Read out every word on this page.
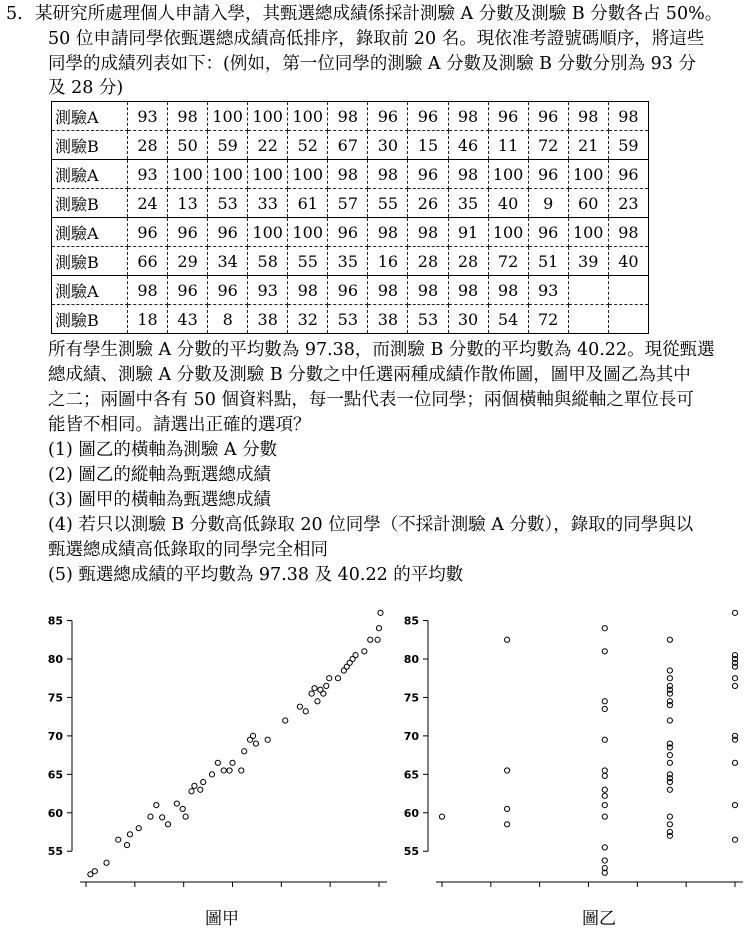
5. 某研究所處理個人申請入學，其甄選總成績係採計測驗 A 分數及測驗 B 分數各占 50%。
50 位申請同學依甄選總成績高低排序，錄取前 20 名。現依准考證號碼順序，將這些
同學的成績列表如下：(例如，第一位同學的測驗 A 分數及測驗 B 分數分別為 93 分
及 28 分)
測驗A	93	98	100	100	100	98	96	96	98	96	96	98	98
測驗B	28	50	59	22	52	67	30	15	46	11	72	21	59
測驗A	93	100	100	100	100	98	98	96	98	100	96	100	96
測驗B	24	13	53	33	61	57	55	26	35	40	9	60	23
測驗A	96	96	96	100	100	96	98	98	91	100	96	100	98
測驗B	66	29	34	58	55	35	16	28	28	72	51	39	40
測驗A	98	96	96	93	98	96	98	98	98	98	93		
測驗B	18	43	8	38	32	53	38	53	30	54	72		
所有學生測驗 A 分數的平均數為 97.38，而測驗 B 分數的平均數為 40.22。現從甄選
總成績、測驗 A 分數及測驗 B 分數之中任選兩種成績作散佈圖，圖甲及圖乙為其中
之二；兩圖中各有 50 個資料點，每一點代表一位同學；兩個橫軸與縱軸之單位長可
能皆不相同。請選出正確的選項？
(1) 圖乙的橫軸為測驗 A 分數
(2) 圖乙的縱軸為甄選總成績
(3) 圖甲的橫軸為甄選總成績
(4) 若只以測驗 B 分數高低錄取 20 位同學（不採計測驗 A 分數），錄取的同學與以
甄選總成績高低錄取的同學完全相同
(5) 甄選總成績的平均數為 97.38 及 40.22 的平均數
55
60
65
70
75
80
85
55
60
65
70
75
80
85
圖甲	圖乙
